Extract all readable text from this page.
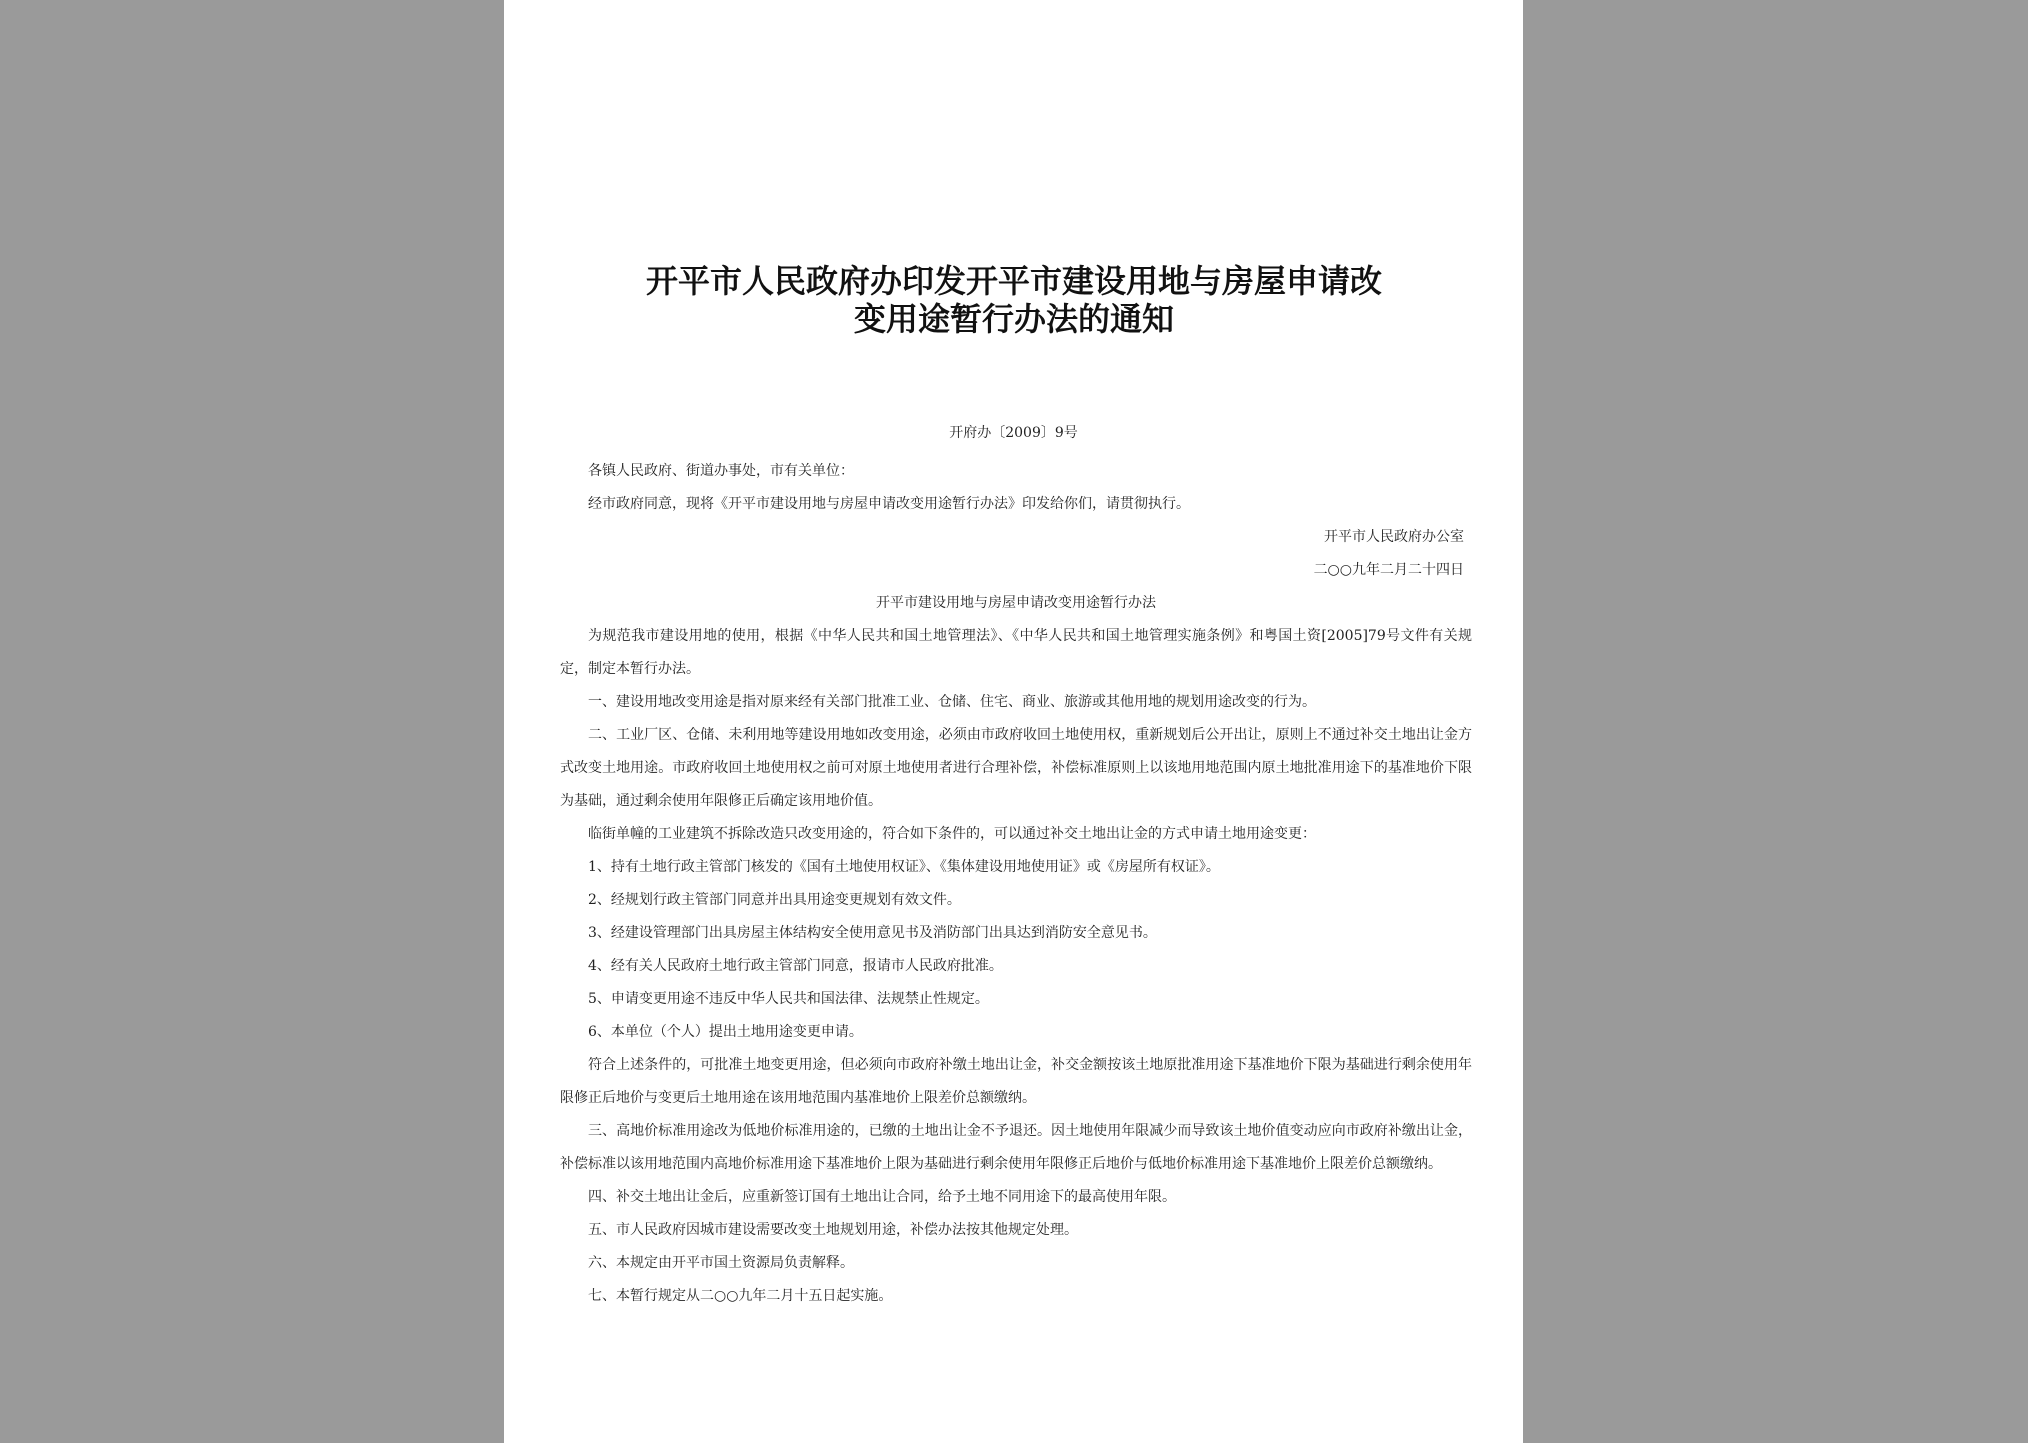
开平市人民政府办印发开平市建设用地与房屋申请改
变用途暂行办法的通知
开府办〔2009〕9号

各镇人民政府、街道办事处，市有关单位：

经市政府同意，现将《开平市建设用地与房屋申请改变用途暂行办法》印发给你们，请贯彻执行。

开平市人民政府办公室

二○○九年二月二十四日

开平市建设用地与房屋申请改变用途暂行办法

为规范我市建设用地的使用，根据《中华人民共和国土地管理法》、《中华人民共和国土地管理实施条例》和粤国土资[2005]79号文件有关规定，制定本暂行办法。

一、建设用地改变用途是指对原来经有关部门批准工业、仓储、住宅、商业、旅游或其他用地的规划用途改变的行为。

二、工业厂区、仓储、未利用地等建设用地如改变用途，必须由市政府收回土地使用权，重新规划后公开出让，原则上不通过补交土地出让金方式改变土地用途。市政府收回土地使用权之前可对原土地使用者进行合理补偿，补偿标准原则上以该地用地范围内原土地批准用途下的基准地价下限为基础，通过剩余使用年限修正后确定该用地价值。

临街单幢的工业建筑不拆除改造只改变用途的，符合如下条件的，可以通过补交土地出让金的方式申请土地用途变更：

1、持有土地行政主管部门核发的《国有土地使用权证》、《集体建设用地使用证》或《房屋所有权证》。

2、经规划行政主管部门同意并出具用途变更规划有效文件。

3、经建设管理部门出具房屋主体结构安全使用意见书及消防部门出具达到消防安全意见书。

4、经有关人民政府土地行政主管部门同意，报请市人民政府批准。

5、申请变更用途不违反中华人民共和国法律、法规禁止性规定。

6、本单位（个人）提出土地用途变更申请。

符合上述条件的，可批准土地变更用途，但必须向市政府补缴土地出让金，补交金额按该土地原批准用途下基准地价下限为基础进行剩余使用年限修正后地价与变更后土地用途在该用地范围内基准地价上限差价总额缴纳。

三、高地价标准用途改为低地价标准用途的，已缴的土地出让金不予退还。因土地使用年限减少而导致该土地价值变动应向市政府补缴出让金，补偿标准以该用地范围内高地价标准用途下基准地价上限为基础进行剩余使用年限修正后地价与低地价标准用途下基准地价上限差价总额缴纳。

四、补交土地出让金后，应重新签订国有土地出让合同，给予土地不同用途下的最高使用年限。

五、市人民政府因城市建设需要改变土地规划用途，补偿办法按其他规定处理。

六、本规定由开平市国土资源局负责解释。

七、本暂行规定从二○○九年二月十五日起实施。
